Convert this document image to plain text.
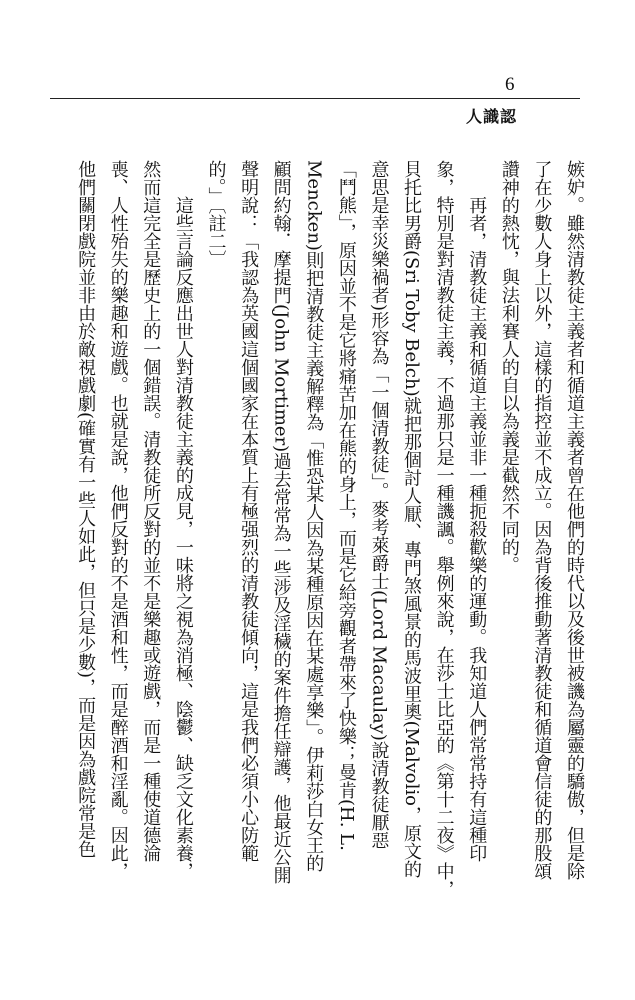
6
人識認
嫉妒。雖然清教徒主義者和循道主義者曾在他們的時代以及後世被譏為屬靈的驕傲，但是除
了在少數人身上以外，這樣的指控並不成立。因為背後推動著清教徒和循道會信徒的那股頌
讚神的熱忱，與法利賽人的自以為義是截然不同的。
再者，清教徒主義和循道主義並非一種扼殺歡樂的運動。我知道人們常常持有這種印
象，特別是對清教徒主義，不過那只是一種譏諷。舉例來說，在莎士比亞的《第十二夜》中，
貝托比男爵(Sri Toby Belch)就把那個討人厭、專門煞風景的馬波里奧(Malvolio，原文的
意思是幸災樂禍者)形容為「一個清教徒」。麥考萊爵士(Lord Macaulay)說清教徒厭惡
「鬥熊」，原因並不是它將痛苦加在熊的身上，而是它給旁觀者帶來了快樂；曼肯(H. L.
Mencken)則把清教徒主義解釋為「惟恐某人因為某種原因在某處享樂」。伊莉莎白女王的
顧問約翰．摩提門(John Mortimer)過去常常為一些涉及淫穢的案件擔任辯護，他最近公開
聲明說：「我認為英國這個國家在本質上有極强烈的清教徒傾向，這是我們必須小心防範
的。」〔註二〕
這些言論反應出世人對清教徒主義的成見，一味將之視為消極、陰鬱、缺乏文化素養，
然而這完全是歷史上的一個錯誤。清教徒所反對的並不是樂趣或遊戲，而是一種使道德淪
喪、人性殆失的樂趣和遊戲。也就是說，他們反對的不是酒和性，而是醉酒和淫亂。因此，
他們關閉戲院並非由於敵視戲劇(確實有一些人如此，但只是少數)，而是因為戲院常是色
